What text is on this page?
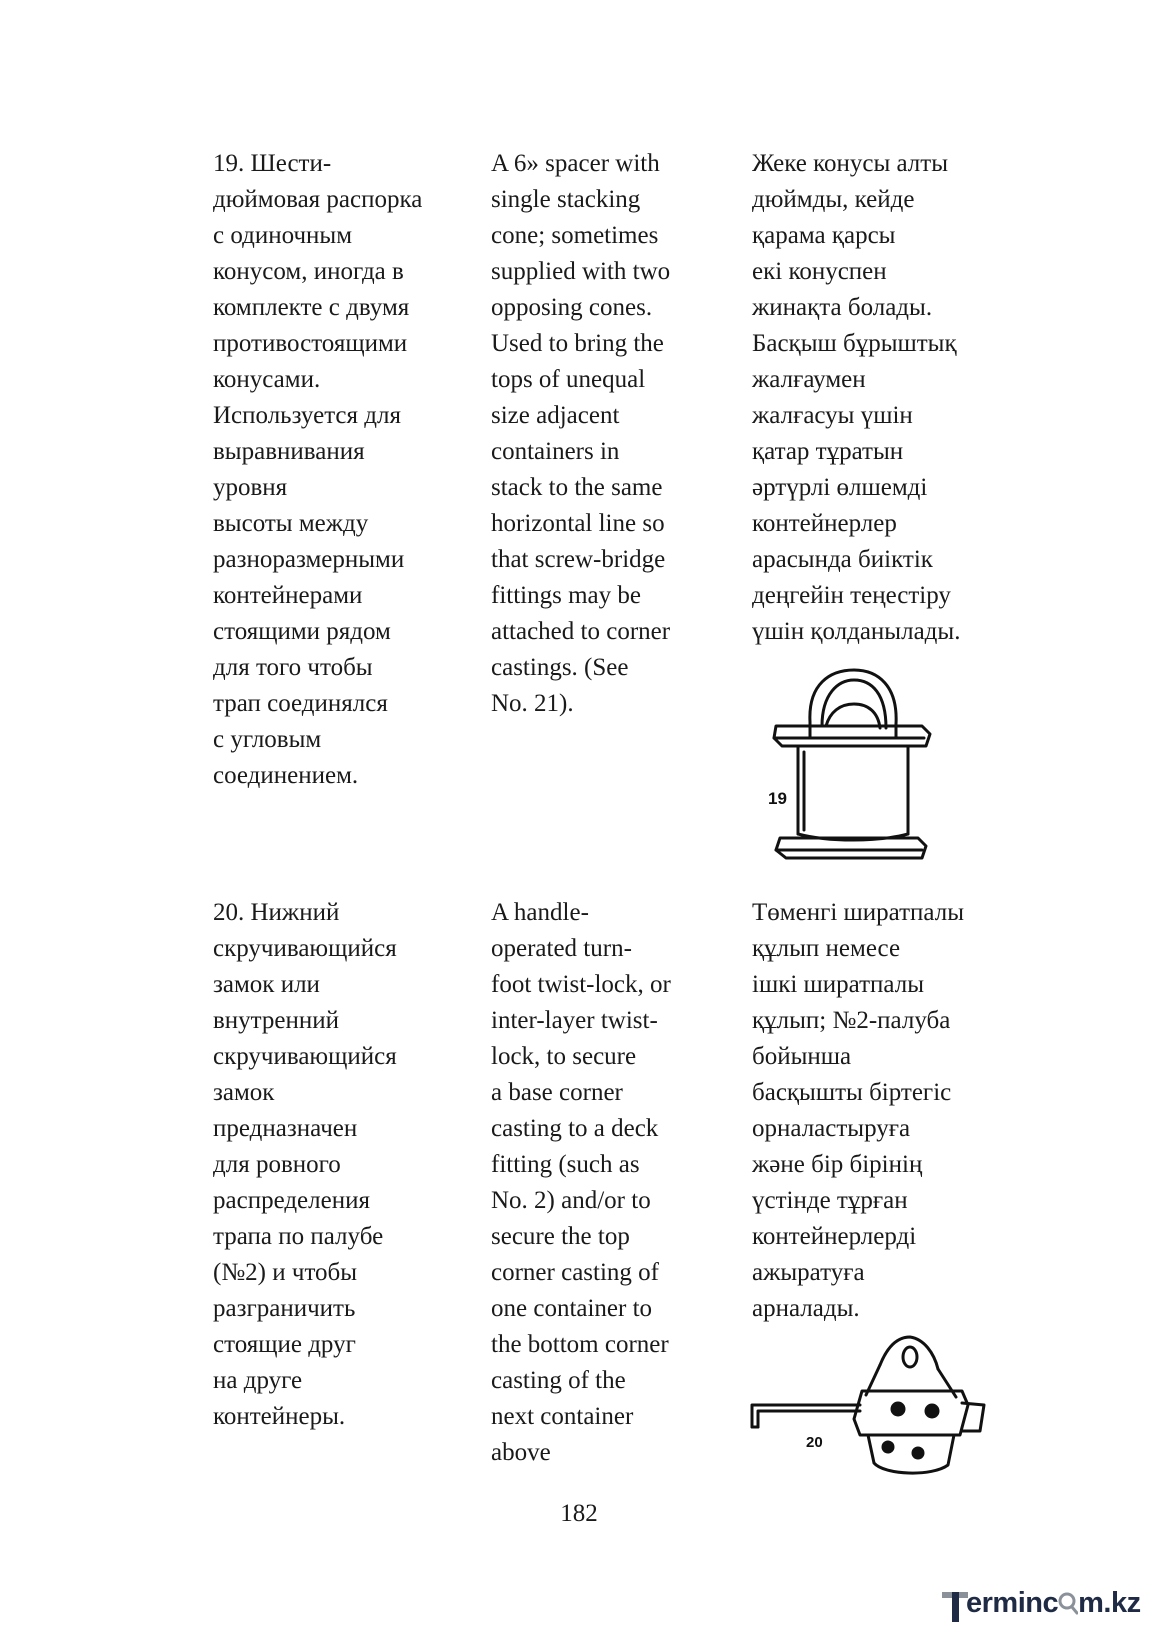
19. Шести-
дюймовая распорка
с одиночным
конусом, иногда в
комплекте с двумя
противостоящими
конусами.
Используется для
выравнивания
уровня
высоты между
разноразмерными
контейнерами
стоящими рядом
для того чтобы
трап соединялся
с угловым
соединением.

A 6» spacer with
single stacking
cone; sometimes
supplied with two
opposing cones.
Used to bring the
tops of unequal
size adjacent
containers in
stack to the same
horizontal line so
that screw-bridge
fittings may be
attached to corner
castings. (See
No. 21).

Жеке конусы алты
дюймды, кейде
қарама қарсы
екі конуспен
жинақта болады.
Басқыш бұрыштық
жалғаумен
жалғасуы үшін
қатар тұратын
әртүрлі өлшемді
контейнерлер
арасында биіктік
деңгейін теңестіру
үшін қолданылады.

19

20. Нижний
скручивающийся
замок или
внутренний
скручивающийся
замок
предназначен
для ровного
распределения
трапа по палубе
(№2) и чтобы
разграничить
стоящие друг
на друге
контейнеры.

A handle-
operated turn-
foot twist-lock, or
inter-layer twist-
lock, to secure
a base corner
casting to a deck
fitting (such as
No. 2) and/or to
secure the top
corner casting of
one container to
the bottom corner
casting of the
next container
above

Төменгі ширатпалы
құлып немесе
ішкі ширатпалы
құлып; №2-палуба
бойынша
басқышты біртегіс
орналастыруға
және бір бірінің
үстінде тұрған
контейнерлерді
ажыратуға
арналады.

20
182
T erminc m.kz
